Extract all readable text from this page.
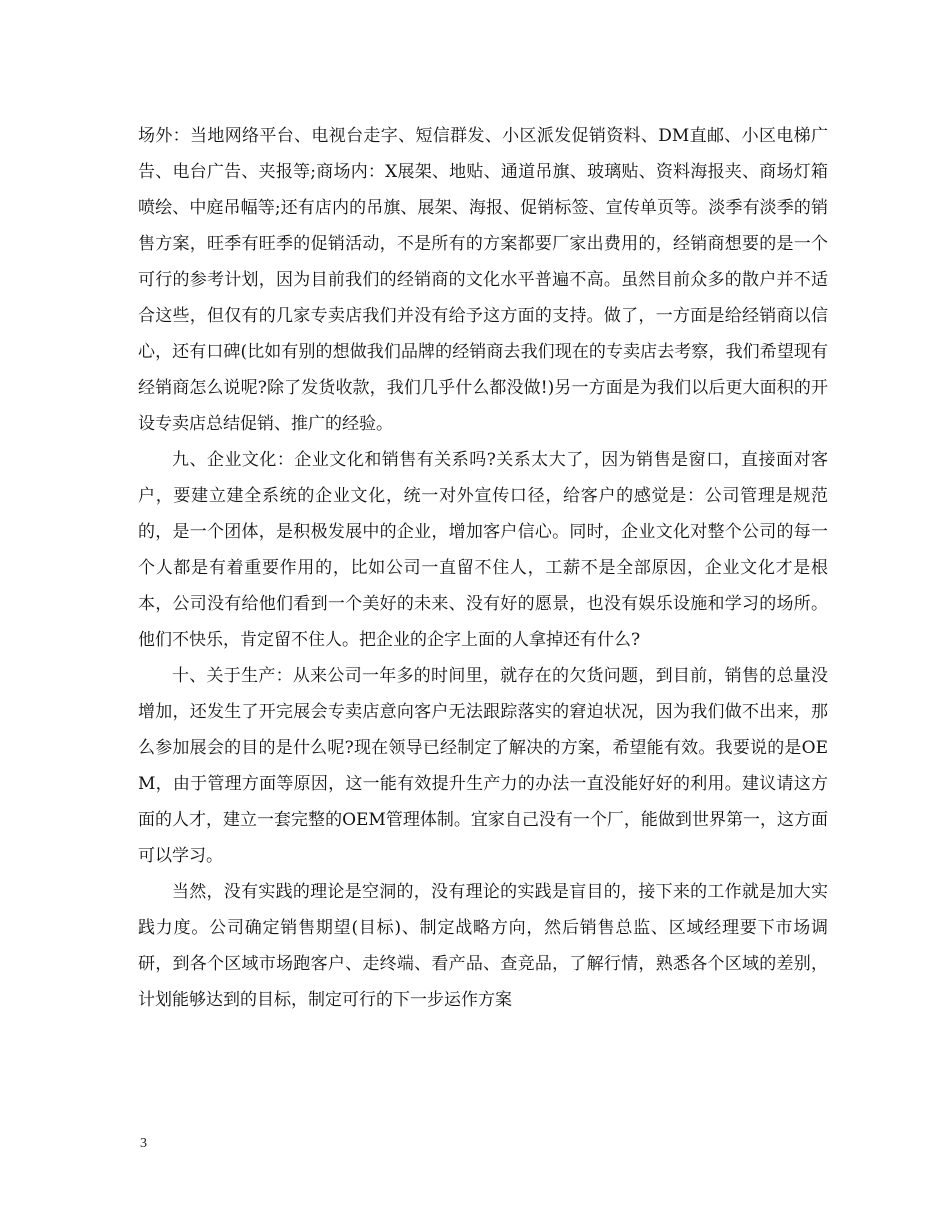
场外：当地网络平台、电视台走字、短信群发、小区派发促销资料、DM直邮、小区电梯广告、电台广告、夹报等;商场内：X展架、地贴、通道吊旗、玻璃贴、资料海报夹、商场灯箱喷绘、中庭吊幅等;还有店内的吊旗、展架、海报、促销标签、宣传单页等。淡季有淡季的销售方案，旺季有旺季的促销活动，不是所有的方案都要厂家出费用的，经销商想要的是一个可行的参考计划，因为目前我们的经销商的文化水平普遍不高。虽然目前众多的散户并不适合这些，但仅有的几家专卖店我们并没有给予这方面的支持。做了，一方面是给经销商以信心，还有口碑(比如有别的想做我们品牌的经销商去我们现在的专卖店去考察，我们希望现有经销商怎么说呢?除了发货收款，我们几乎什么都没做!)另一方面是为我们以后更大面积的开设专卖店总结促销、推广的经验。

九、企业文化：企业文化和销售有关系吗?关系太大了，因为销售是窗口，直接面对客户，要建立建全系统的企业文化，统一对外宣传口径，给客户的感觉是：公司管理是规范的，是一个团体，是积极发展中的企业，增加客户信心。同时，企业文化对整个公司的每一个人都是有着重要作用的，比如公司一直留不住人，工薪不是全部原因，企业文化才是根本，公司没有给他们看到一个美好的未来、没有好的愿景，也没有娱乐设施和学习的场所。他们不快乐，肯定留不住人。把企业的企字上面的人拿掉还有什么?

十、关于生产：从来公司一年多的时间里，就存在的欠货问题，到目前，销售的总量没增加，还发生了开完展会专卖店意向客户无法跟踪落实的窘迫状况，因为我们做不出来，那么参加展会的目的是什么呢?现在领导已经制定了解决的方案，希望能有效。我要说的是OEM，由于管理方面等原因，这一能有效提升生产力的办法一直没能好好的利用。建议请这方面的人才，建立一套完整的OEM管理体制。宜家自己没有一个厂，能做到世界第一，这方面可以学习。

当然，没有实践的理论是空洞的，没有理论的实践是盲目的，接下来的工作就是加大实践力度。公司确定销售期望(目标)、制定战略方向，然后销售总监、区域经理要下市场调研，到各个区域市场跑客户、走终端、看产品、查竞品，了解行情，熟悉各个区域的差别，计划能够达到的目标，制定可行的下一步运作方案

3
